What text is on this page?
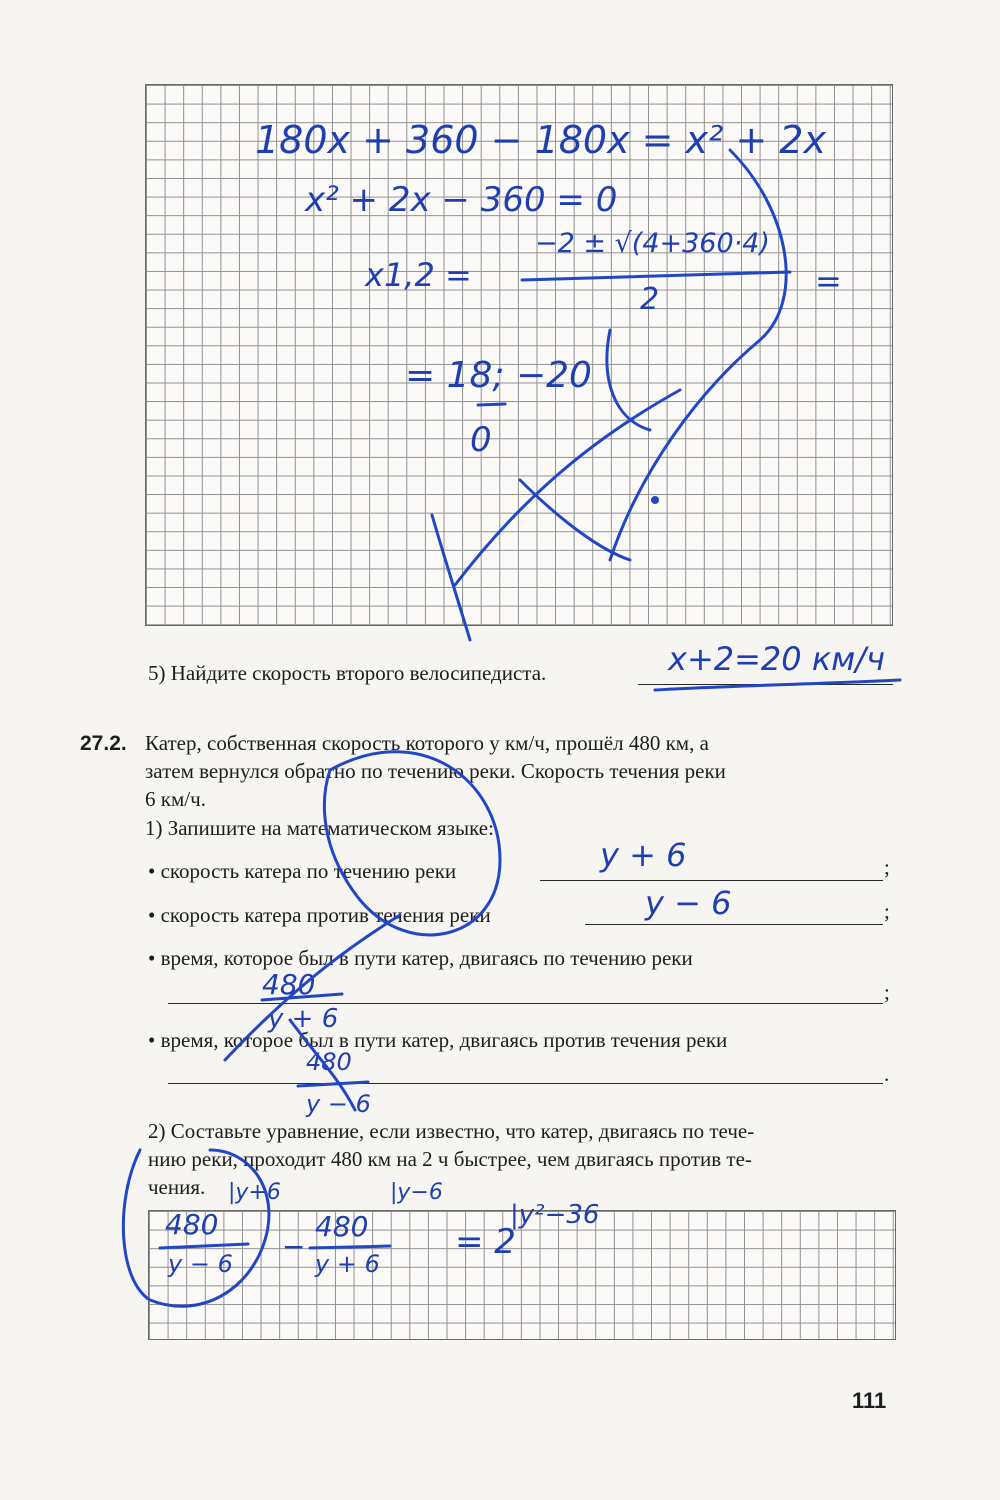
180x + 360 − 180x = x² + 2x
x² + 2x − 360 = 0
x1,2 =
−2 ± √(4+360·4)
2	=
= 18; −20
0
5) Найдите скорость второго велосипедиста.	x+2=20 км/ч
27.2. Катер, собственная скорость которого y км/ч, прошёл 480 км, а
затем вернулся обратно по течению реки. Скорость течения реки
6 км/ч.
1) Запишите на математическом языке:
• скорость катера по течению реки	;
y + 6
• скорость катера против течения реки	;
y − 6
• время, которое был в пути катер, двигаясь по течению реки
;
480
y + 6
• время, которое был в пути катер, двигаясь против течения реки
.
480
y − 6
2) Составьте уравнение, если известно, что катер, двигаясь по тече-
нию реки, проходит 480 км на 2 ч быстрее, чем двигаясь против те-
чения.
480
y − 6
|y+6
−
480
y + 6
|y−6
= 2
|y²−36
111
